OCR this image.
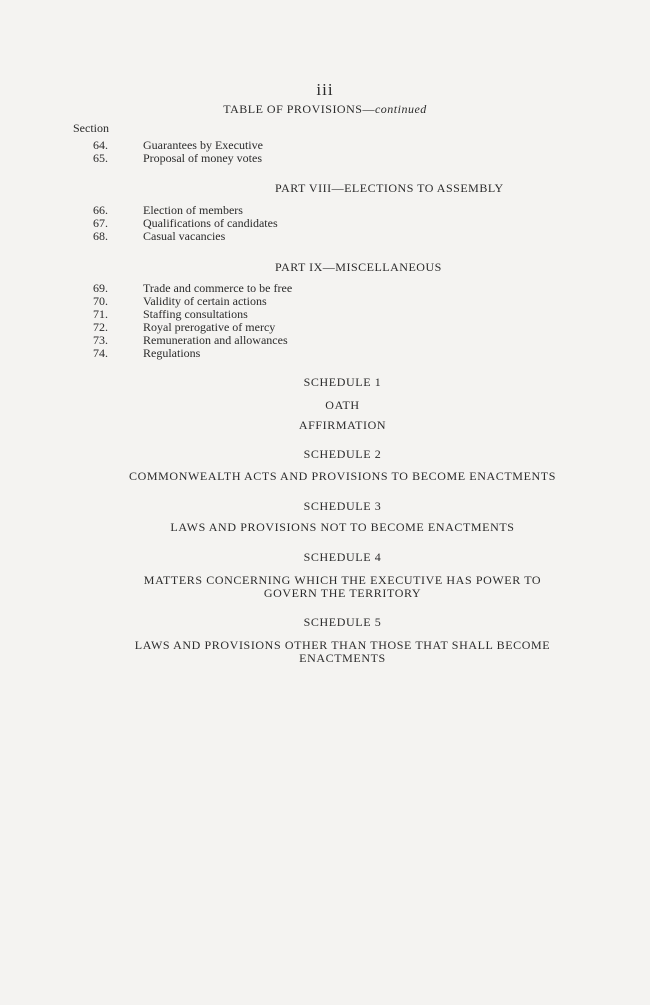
iii
TABLE OF PROVISIONS—continued
Section
64.	Guarantees by Executive
65.	Proposal of money votes
PART VIII—ELECTIONS TO ASSEMBLY
66.	Election of members
67.	Qualifications of candidates
68.	Casual vacancies
PART IX—MISCELLANEOUS
69.	Trade and commerce to be free
70.	Validity of certain actions
71.	Staffing consultations
72.	Royal prerogative of mercy
73.	Remuneration and allowances
74.	Regulations
SCHEDULE 1
OATH
AFFIRMATION
SCHEDULE 2
COMMONWEALTH ACTS AND PROVISIONS TO BECOME ENACTMENTS
SCHEDULE 3
LAWS AND PROVISIONS NOT TO BECOME ENACTMENTS
SCHEDULE 4
MATTERS CONCERNING WHICH THE EXECUTIVE HAS POWER TO
GOVERN THE TERRITORY
SCHEDULE 5
LAWS AND PROVISIONS OTHER THAN THOSE THAT SHALL BECOME
ENACTMENTS
